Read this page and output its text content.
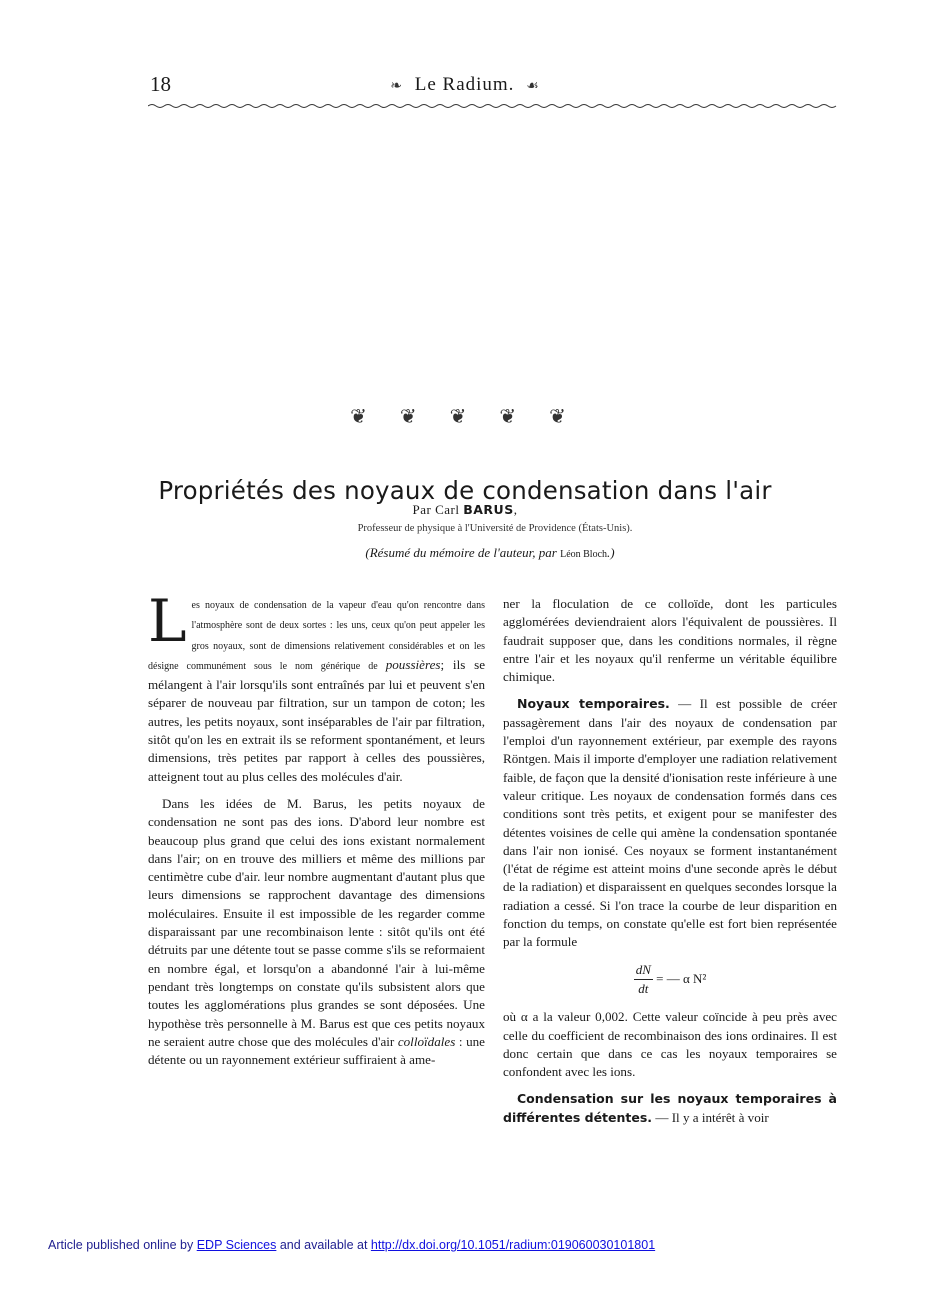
18	❧ Le Radium. ☙
❦ ❦ ❦ ❦ ❦
Propriétés des noyaux de condensation dans l'air
Par Carl BARUS,
Professeur de physique à l'Université de Providence (États-Unis).
(Résumé du mémoire de l'auteur, par Léon Bloch.)

Les noyaux de condensation de la vapeur d'eau qu'on rencontre dans l'atmosphère sont de deux sortes : les uns, ceux qu'on peut appeler les gros noyaux, sont de dimensions relativement considérables et on les désigne communément sous le nom générique de poussières; ils se mélangent à l'air lorsqu'ils sont entraînés par lui et peuvent s'en séparer de nouveau par filtration, sur un tampon de coton; les autres, les petits noyaux, sont inséparables de l'air par filtration, sitôt qu'on les en extrait ils se reforment spontanément, et leurs dimensions, très petites par rapport à celles des poussières, atteignent tout au plus celles des molécules d'air.

Dans les idées de M. Barus, les petits noyaux de condensation ne sont pas des ions. D'abord leur nombre est beaucoup plus grand que celui des ions existant normalement dans l'air; on en trouve des milliers et même des millions par centimètre cube d'air. leur nombre augmentant d'autant plus que leurs dimensions se rapprochent davantage des dimensions moléculaires. Ensuite il est impossible de les regarder comme disparaissant par une recombinaison lente : sitôt qu'ils ont été détruits par une détente tout se passe comme s'ils se reformaient en nombre égal, et lorsqu'on a abandonné l'air à lui-même pendant très longtemps on constate qu'ils subsistent alors que toutes les agglomérations plus grandes se sont déposées. Une hypothèse très personnelle à M. Barus est que ces petits noyaux ne seraient autre chose que des molécules d'air colloïdales : une détente ou un rayonnement extérieur suffiraient à ame-

ner la floculation de ce colloïde, dont les particules agglomérées deviendraient alors l'équivalent de poussières. Il faudrait supposer que, dans les conditions normales, il règne entre l'air et les noyaux qu'il renferme un véritable équilibre chimique.

Noyaux temporaires. — Il est possible de créer passagèrement dans l'air des noyaux de condensation par l'emploi d'un rayonnement extérieur, par exemple des rayons Röntgen. Mais il importe d'employer une radiation relativement faible, de façon que la densité d'ionisation reste inférieure à une valeur critique. Les noyaux de condensation formés dans ces conditions sont très petits, et exigent pour se manifester des détentes voisines de celle qui amène la condensation spontanée dans l'air non ionisé. Ces noyaux se forment instantanément (l'état de régime est atteint moins d'une seconde après le début de la radiation) et disparaissent en quelques secondes lorsque la radiation a cessé. Si l'on trace la courbe de leur disparition en fonction du temps, on constate qu'elle est fort bien représentée par la formule

$\frac{dN}{dt}$ = — α N²

où α a la valeur 0,002. Cette valeur coïncide à peu près avec celle du coefficient de recombinaison des ions ordinaires. Il est donc certain que dans ce cas les noyaux temporaires se confondent avec les ions.

Condensation sur les noyaux temporaires à différentes détentes. — Il y a intérêt à voir

Article published online by EDP Sciences and available at http://dx.doi.org/10.1051/radium:019060030101801
